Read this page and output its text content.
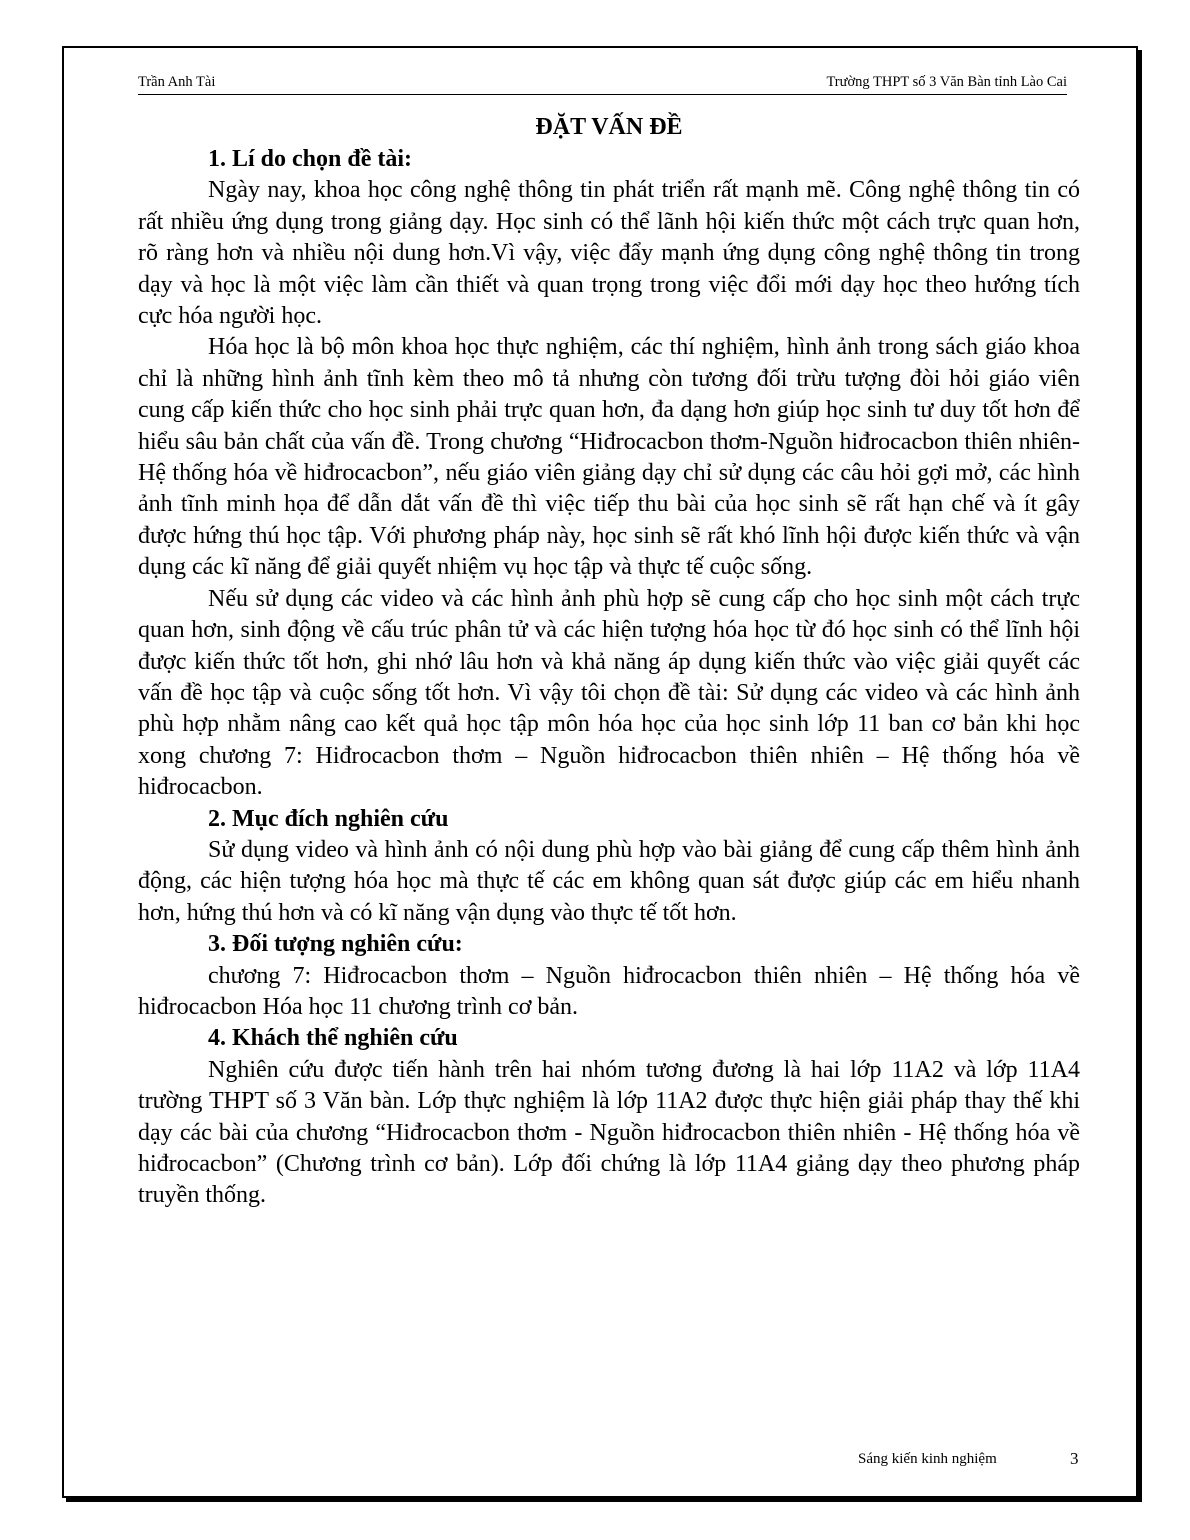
Trần Anh Tài	Trường THPT số 3 Văn Bàn tỉnh Lào Cai
ĐẶT VẤN ĐỀ
1. Lí do chọn đề tài:

Ngày nay, khoa học công nghệ thông tin phát triển rất mạnh mẽ. Công nghệ thông tin có rất nhiều ứng dụng trong giảng dạy. Học sinh có thể lãnh hội kiến thức một cách trực quan hơn, rõ ràng hơn và nhiều nội dung hơn.Vì vậy, việc đẩy mạnh ứng dụng công nghệ thông tin trong dạy và học là một việc làm cần thiết và quan trọng trong việc đổi mới dạy học theo hướng tích cực hóa người học.

Hóa học là bộ môn khoa học thực nghiệm, các thí nghiệm, hình ảnh trong sách giáo khoa chỉ là những hình ảnh tĩnh kèm theo mô tả nhưng còn tương đối trừu tượng đòi hỏi giáo viên cung cấp kiến thức cho học sinh phải trực quan hơn, đa dạng hơn giúp học sinh tư duy tốt hơn để hiểu sâu bản chất của vấn đề. Trong chương “Hiđrocacbon thơm-Nguồn hiđrocacbon thiên nhiên-Hệ thống hóa về hiđrocacbon”, nếu giáo viên giảng dạy chỉ sử dụng các câu hỏi gợi mở, các hình ảnh tĩnh minh họa để dẫn dắt vấn đề thì việc tiếp thu bài của học sinh sẽ rất hạn chế và ít gây được hứng thú học tập. Với phương pháp này, học sinh sẽ rất khó lĩnh hội được kiến thức và vận dụng các kĩ năng để giải quyết nhiệm vụ học tập và thực tế cuộc sống.

Nếu sử dụng các video và các hình ảnh phù hợp sẽ cung cấp cho học sinh một cách trực quan hơn, sinh động về cấu trúc phân tử và các hiện tượng hóa học từ đó học sinh có thể lĩnh hội được kiến thức tốt hơn, ghi nhớ lâu hơn và khả năng áp dụng kiến thức vào việc giải quyết các vấn đề học tập và cuộc sống tốt hơn. Vì vậy tôi chọn đề tài: Sử dụng các video và các hình ảnh phù hợp nhằm nâng cao kết quả học tập môn hóa học của học sinh lớp 11 ban cơ bản khi học xong chương 7: Hiđrocacbon thơm – Nguồn hiđrocacbon thiên nhiên – Hệ thống hóa về hiđrocacbon.

2. Mục đích nghiên cứu

Sử dụng video và hình ảnh có nội dung phù hợp vào bài giảng để cung cấp thêm hình ảnh động, các hiện tượng hóa học mà thực tế các em không quan sát được giúp các em hiểu nhanh hơn, hứng thú hơn và có kĩ năng vận dụng vào thực tế tốt hơn.

3. Đối tượng nghiên cứu:

chương 7: Hiđrocacbon thơm – Nguồn hiđrocacbon thiên nhiên – Hệ thống hóa về hiđrocacbon Hóa học 11 chương trình cơ bản.

4. Khách thể nghiên cứu

Nghiên cứu được tiến hành trên hai nhóm tương đương là hai lớp 11A2 và lớp 11A4 trường THPT số 3 Văn bàn. Lớp thực nghiệm là lớp 11A2 được thực hiện giải pháp thay thế khi dạy các bài của chương “Hiđrocacbon thơm - Nguồn hiđrocacbon thiên nhiên - Hệ thống hóa về hiđrocacbon” (Chương trình cơ bản). Lớp đối chứng là lớp 11A4 giảng dạy theo phương pháp truyền thống.

Sáng kiến kinh nghiệm	3
